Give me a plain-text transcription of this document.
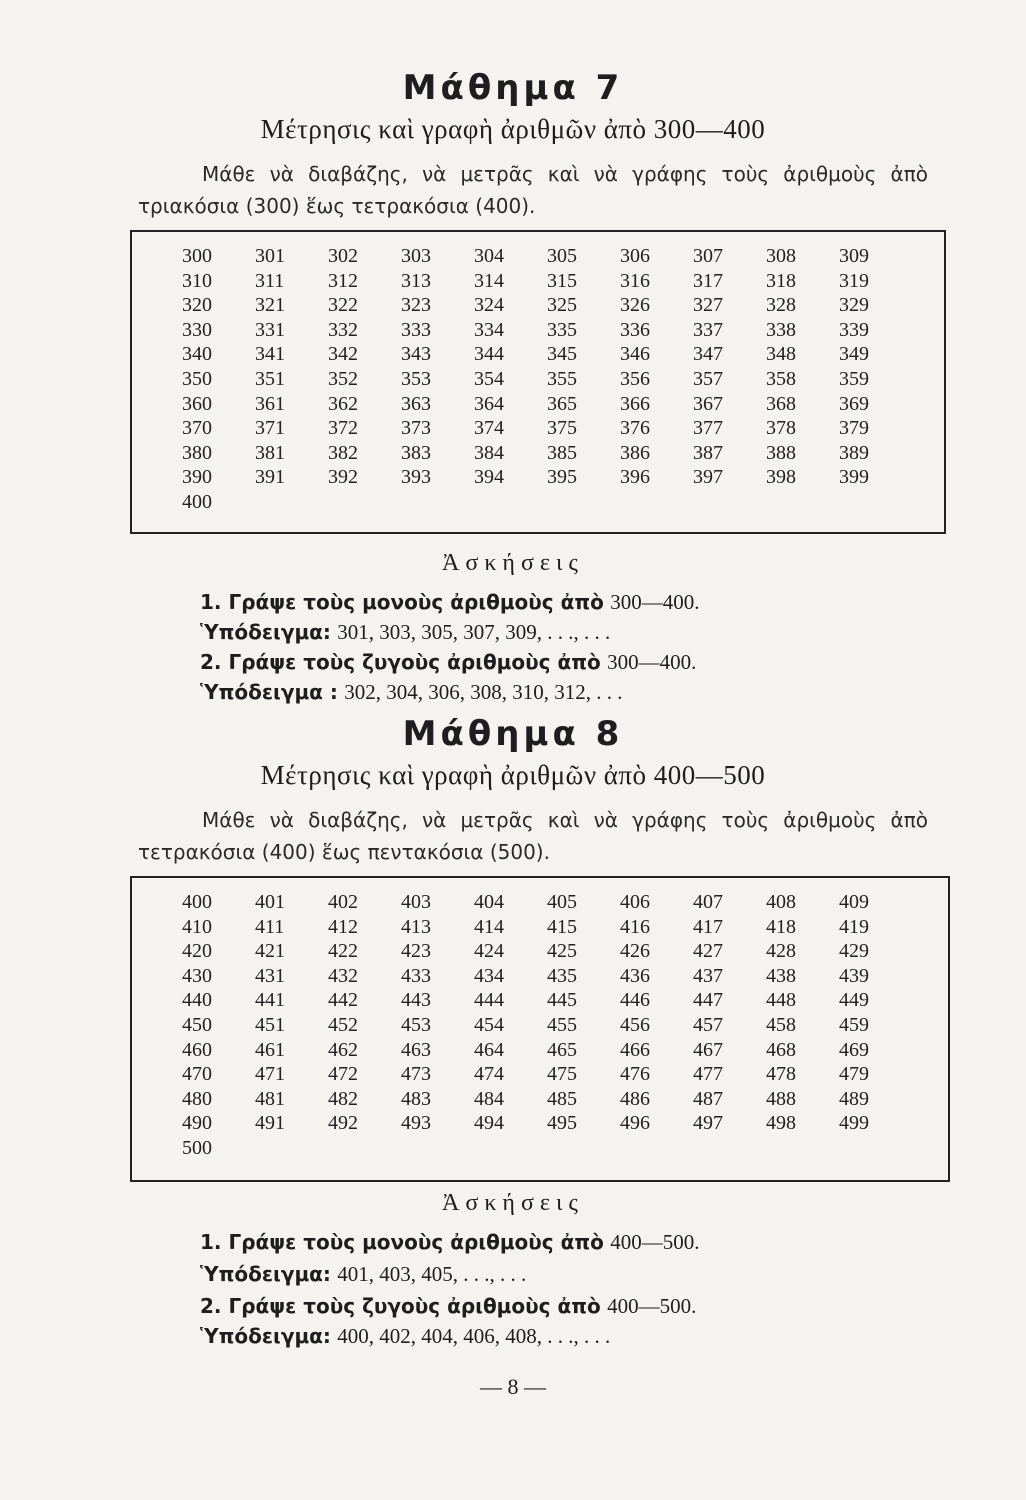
Μάθημα 7
Μέτρησις καὶ γραφὴ ἀριθμῶν ἀπὸ 300—400
Μάθε νὰ διαβάζης, νὰ μετρᾶς καὶ νὰ γράφης τοὺς ἀριθμοὺς ἀπὸ
τριακόσια (300) ἕως τετρακόσια (400).
300	301	302	303	304	305	306	307	308	309
310	311	312	313	314	315	316	317	318	319
320	321	322	323	324	325	326	327	328	329
330	331	332	333	334	335	336	337	338	339
340	341	342	343	344	345	346	347	348	349
350	351	352	353	354	355	356	357	358	359
360	361	362	363	364	365	366	367	368	369
370	371	372	373	374	375	376	377	378	379
380	381	382	383	384	385	386	387	388	389
390	391	392	393	394	395	396	397	398	399
400
Ἀσκήσεις
1. Γράψε τοὺς μονοὺς ἀριθμοὺς ἀπὸ 300—400.
Ὑπόδειγμα: 301, 303, 305, 307, 309, . . ., . . .
2. Γράψε τοὺς ζυγοὺς ἀριθμοὺς ἀπὸ 300—400.
Ὑπόδειγμα : 302, 304, 306, 308, 310, 312, . . .
Μάθημα 8
Μέτρησις καὶ γραφὴ ἀριθμῶν ἀπὸ 400—500
Μάθε νὰ διαβάζης, νὰ μετρᾶς καὶ νὰ γράφης τοὺς ἀριθμοὺς ἀπὸ
τετρακόσια (400) ἕως πεντακόσια (500).
400	401	402	403	404	405	406	407	408	409
410	411	412	413	414	415	416	417	418	419
420	421	422	423	424	425	426	427	428	429
430	431	432	433	434	435	436	437	438	439
440	441	442	443	444	445	446	447	448	449
450	451	452	453	454	455	456	457	458	459
460	461	462	463	464	465	466	467	468	469
470	471	472	473	474	475	476	477	478	479
480	481	482	483	484	485	486	487	488	489
490	491	492	493	494	495	496	497	498	499
500
Ἀσκήσεις
1. Γράψε τοὺς μονοὺς ἀριθμοὺς ἀπὸ 400—500.
Ὑπόδειγμα: 401, 403, 405, . . ., . . .
2. Γράψε τοὺς ζυγοὺς ἀριθμοὺς ἀπὸ 400—500.
Ὑπόδειγμα: 400, 402, 404, 406, 408, . . ., . . .
— 8 —
